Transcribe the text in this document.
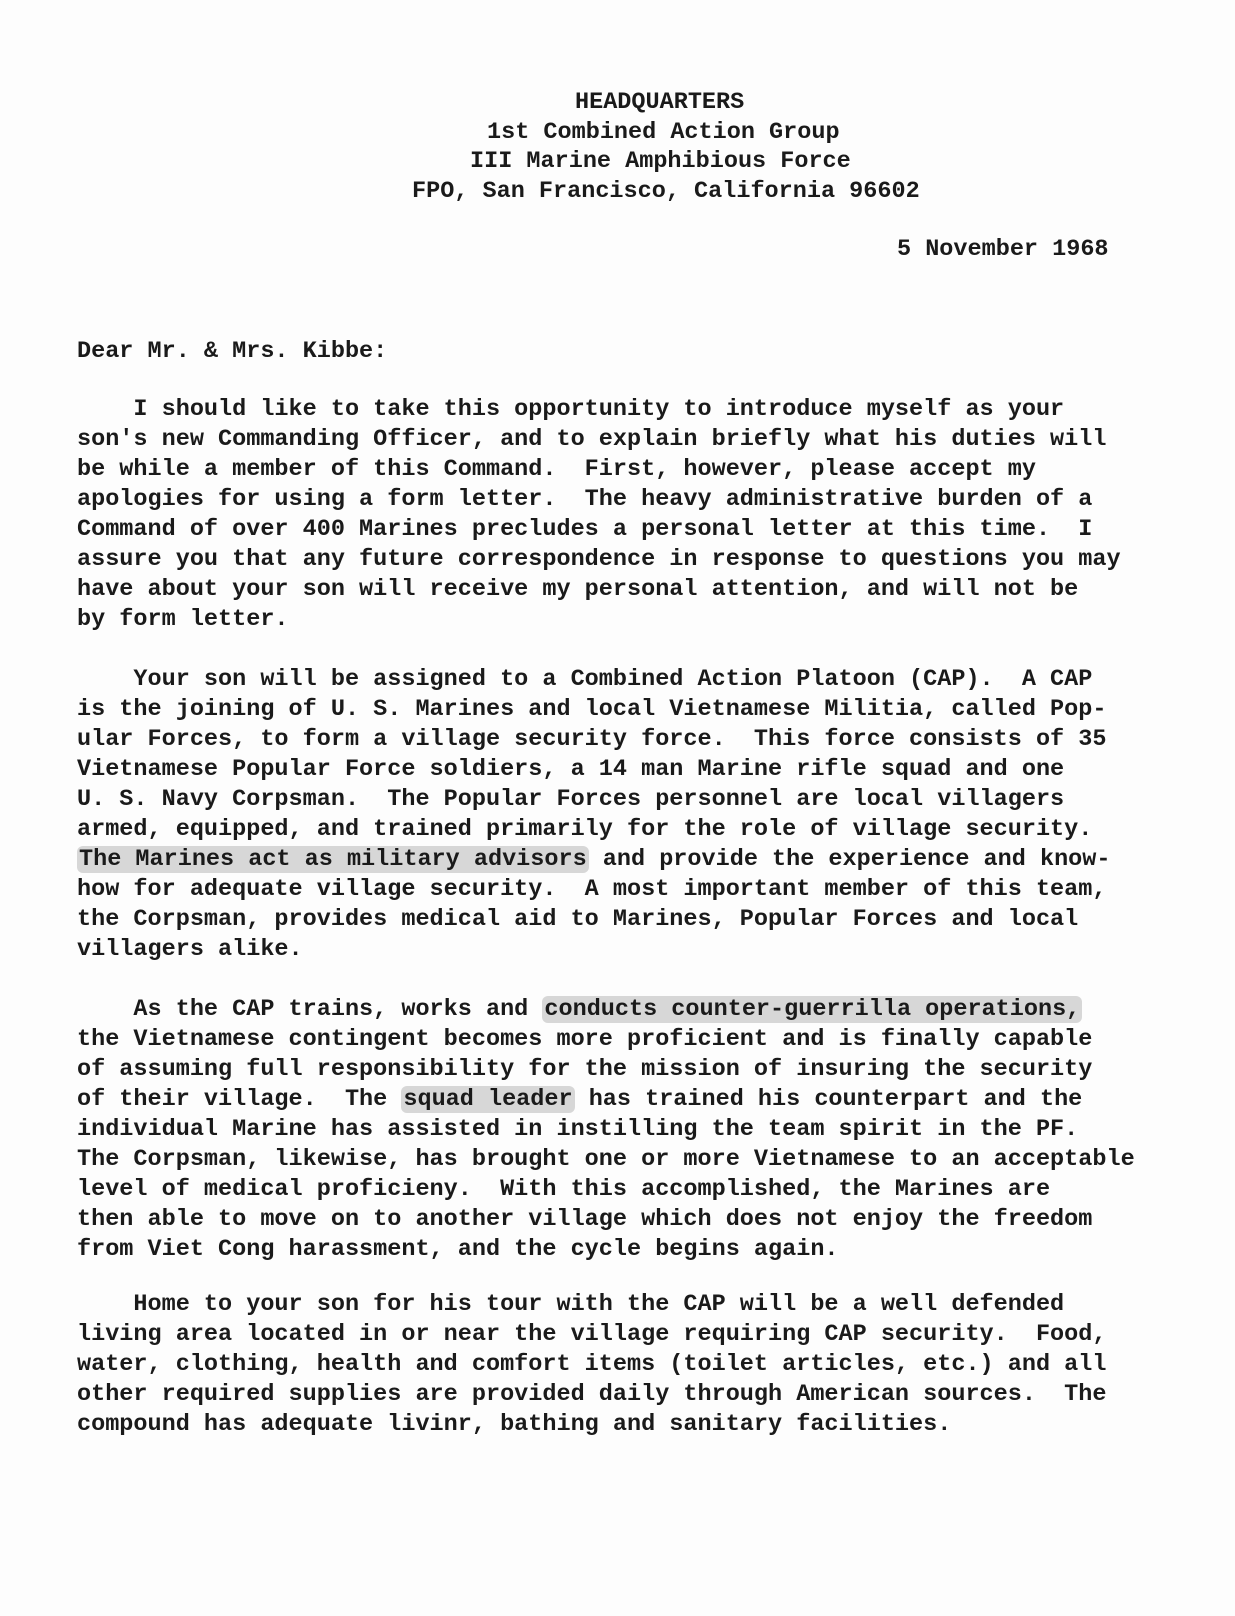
HEADQUARTERS
1st Combined Action Group
III Marine Amphibious Force
FPO, San Francisco, California 96602
5 November 1968
Dear Mr. & Mrs. Kibbe:
I should like to take this opportunity to introduce myself as your
son's new Commanding Officer, and to explain briefly what his duties will
be while a member of this Command.  First, however, please accept my
apologies for using a form letter.  The heavy administrative burden of a
Command of over 400 Marines precludes a personal letter at this time.  I
assure you that any future correspondence in response to questions you may
have about your son will receive my personal attention, and will not be
by form letter.
Your son will be assigned to a Combined Action Platoon (CAP).  A CAP
is the joining of U. S. Marines and local Vietnamese Militia, called Pop-
ular Forces, to form a village security force.  This force consists of 35
Vietnamese Popular Force soldiers, a 14 man Marine rifle squad and one
U. S. Navy Corpsman.  The Popular Forces personnel are local villagers
armed, equipped, and trained primarily for the role of village security.
The Marines act as military advisors and provide the experience and know-
how for adequate village security.  A most important member of this team,
the Corpsman, provides medical aid to Marines, Popular Forces and local
villagers alike.
As the CAP trains, works and conducts counter-guerrilla operations,
the Vietnamese contingent becomes more proficient and is finally capable
of assuming full responsibility for the mission of insuring the security
of their village.  The squad leader has trained his counterpart and the
individual Marine has assisted in instilling the team spirit in the PF.
The Corpsman, likewise, has brought one or more Vietnamese to an acceptable
level of medical proficieny.  With this accomplished, the Marines are
then able to move on to another village which does not enjoy the freedom
from Viet Cong harassment, and the cycle begins again.
Home to your son for his tour with the CAP will be a well defended
living area located in or near the village requiring CAP security.  Food,
water, clothing, health and comfort items (toilet articles, etc.) and all
other required supplies are provided daily through American sources.  The
compound has adequate livinr, bathing and sanitary facilities.
